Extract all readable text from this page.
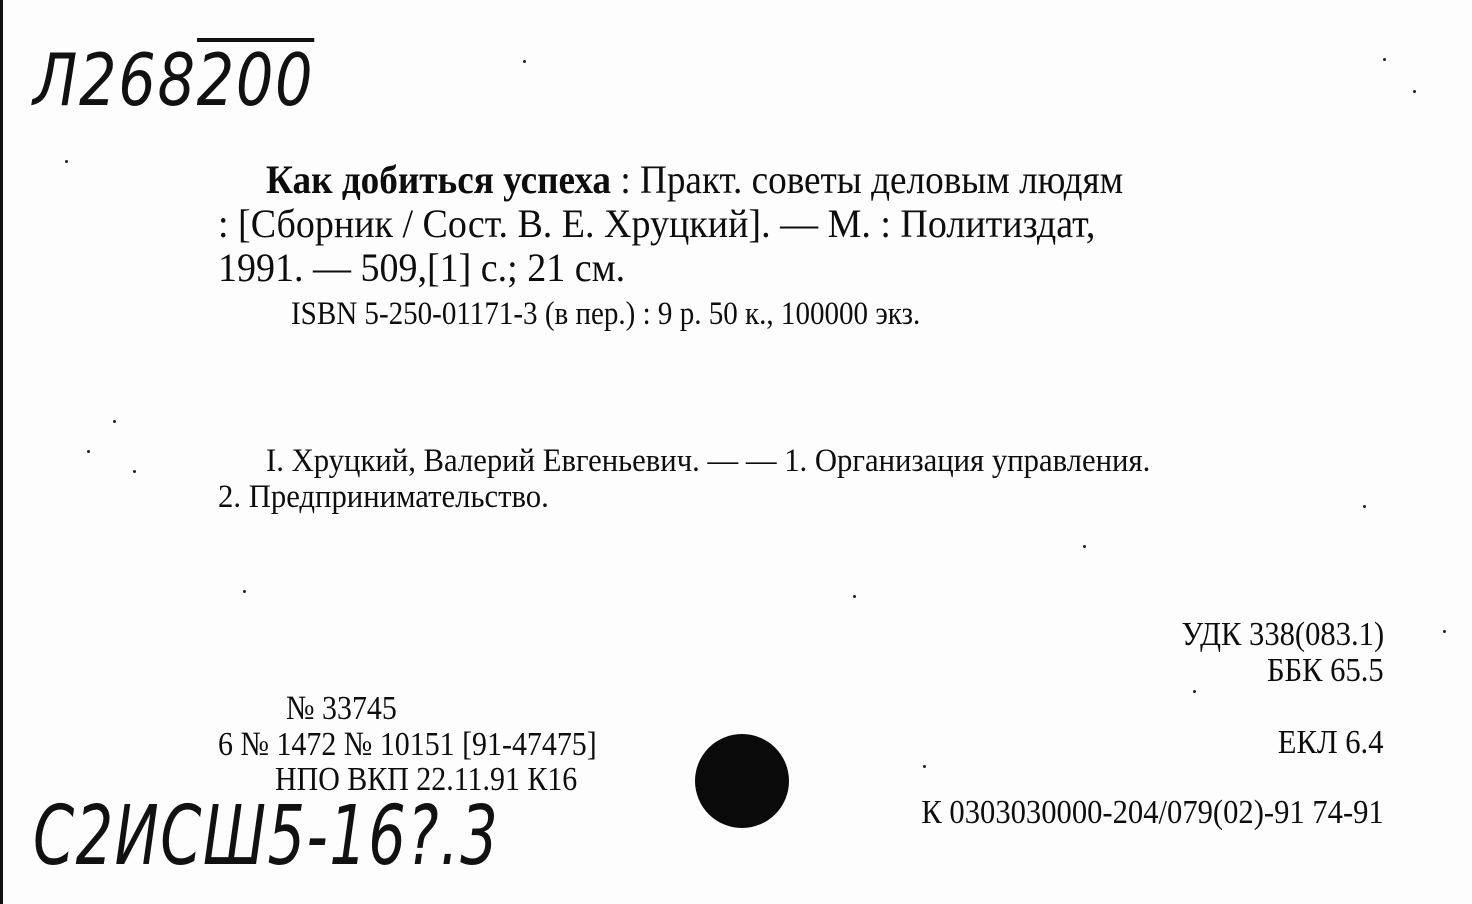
Л268200
Как добиться успеха : Практ. советы деловым людям
: [Сборник / Сост. В. Е. Хруцкий]. — М. : Политиздат,
1991. — 509,[1] с.; 21 см.
ISBN 5-250-01171-3 (в пер.) : 9 р. 50 к., 100000 экз.
I. Хруцкий, Валерий Евгеньевич. — — 1. Организация управления.
2. Предпринимательство.
УДК 338(083.1)
ББК 65.5
ЕКЛ 6.4
К 0303030000-204/079(02)-91 74-91
№ 33745
6 № 1472 № 10151 [91-47475]
НПО ВКП 22.11.91 К16
С2ИСШ5-16?.3
